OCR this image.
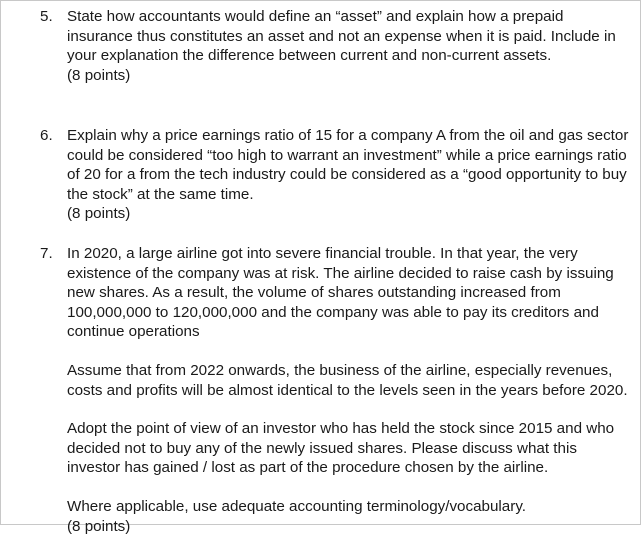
5. State how accountants would define an “asset” and explain how a prepaid insurance thus constitutes an asset and not an expense when it is paid. Include in your explanation the difference between current and non-current assets.

(8 points)

6. Explain why a price earnings ratio of 15 for a company A from the oil and gas sector could be considered “too high to warrant an investment” while a price earnings ratio of 20 for a from the tech industry could be considered as a “good opportunity to buy the stock” at the same time.

(8 points)

7. In 2020, a large airline got into severe financial trouble. In that year, the very existence of the company was at risk. The airline decided to raise cash by issuing new shares. As a result, the volume of shares outstanding increased from 100,000,000 to 120,000,000 and the company was able to pay its creditors and continue operations

Assume that from 2022 onwards, the business of the airline, especially revenues, costs and profits will be almost identical to the levels seen in the years before 2020.

Adopt the point of view of an investor who has held the stock since 2015 and who decided not to buy any of the newly issued shares. Please discuss what this investor has gained / lost as part of the procedure chosen by the airline.

Where applicable, use adequate accounting terminology/vocabulary.

(8 points)
